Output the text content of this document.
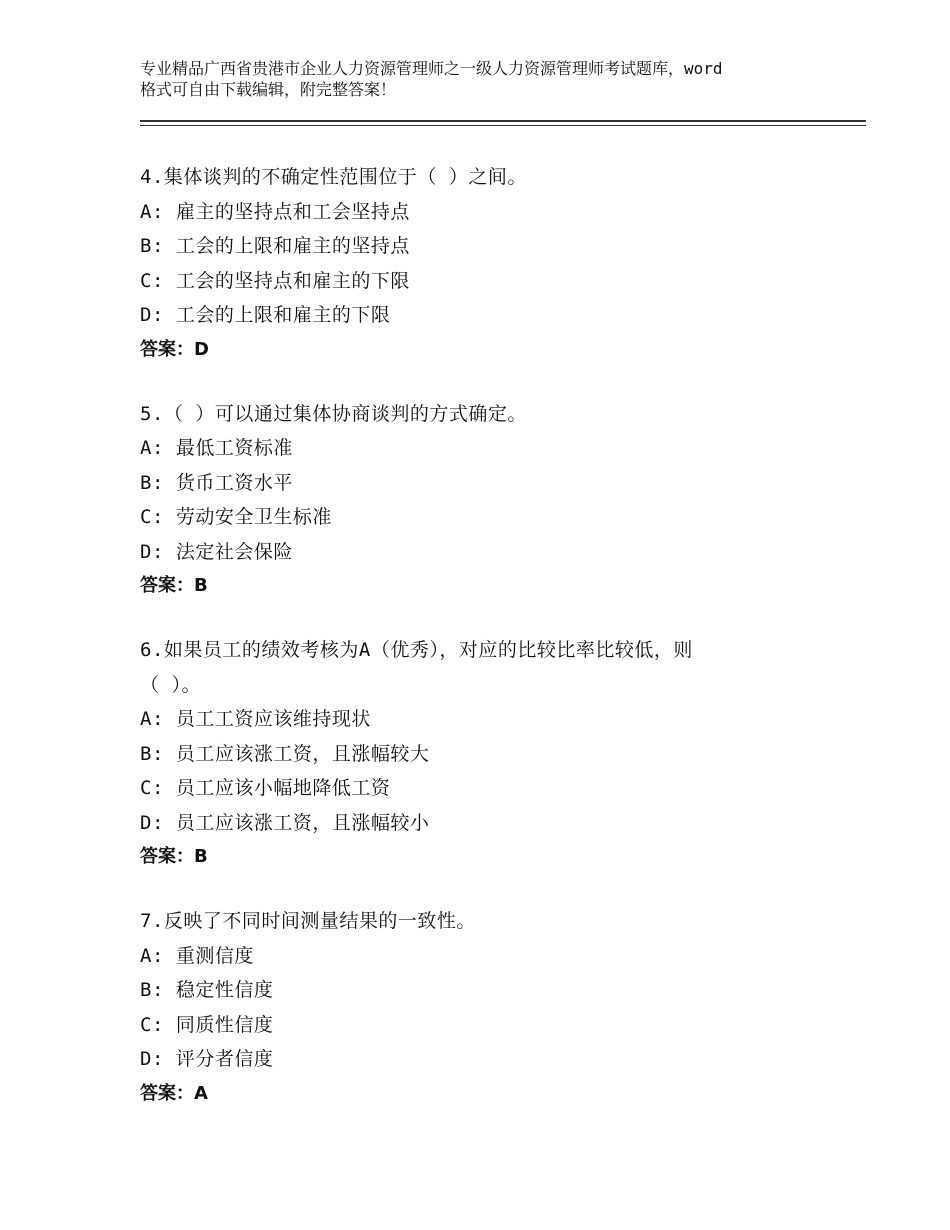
专业精品广西省贵港市企业人力资源管理师之一级人力资源管理师考试题库，word
格式可自由下载编辑，附完整答案！

4.集体谈判的不确定性范围位于（ ）之间。

A: 雇主的坚持点和工会坚持点

B: 工会的上限和雇主的坚持点

C: 工会的坚持点和雇主的下限

D: 工会的上限和雇主的下限

答案：D

5.（ ）可以通过集体协商谈判的方式确定。

A: 最低工资标准

B: 货币工资水平

C: 劳动安全卫生标准

D: 法定社会保险

答案：B

6.如果员工的绩效考核为A（优秀），对应的比较比率比较低，则

（ ）。

A: 员工工资应该维持现状

B: 员工应该涨工资，且涨幅较大

C: 员工应该小幅地降低工资

D: 员工应该涨工资，且涨幅较小

答案：B

7.反映了不同时间测量结果的一致性。

A: 重测信度

B: 稳定性信度

C: 同质性信度

D: 评分者信度

答案：A
